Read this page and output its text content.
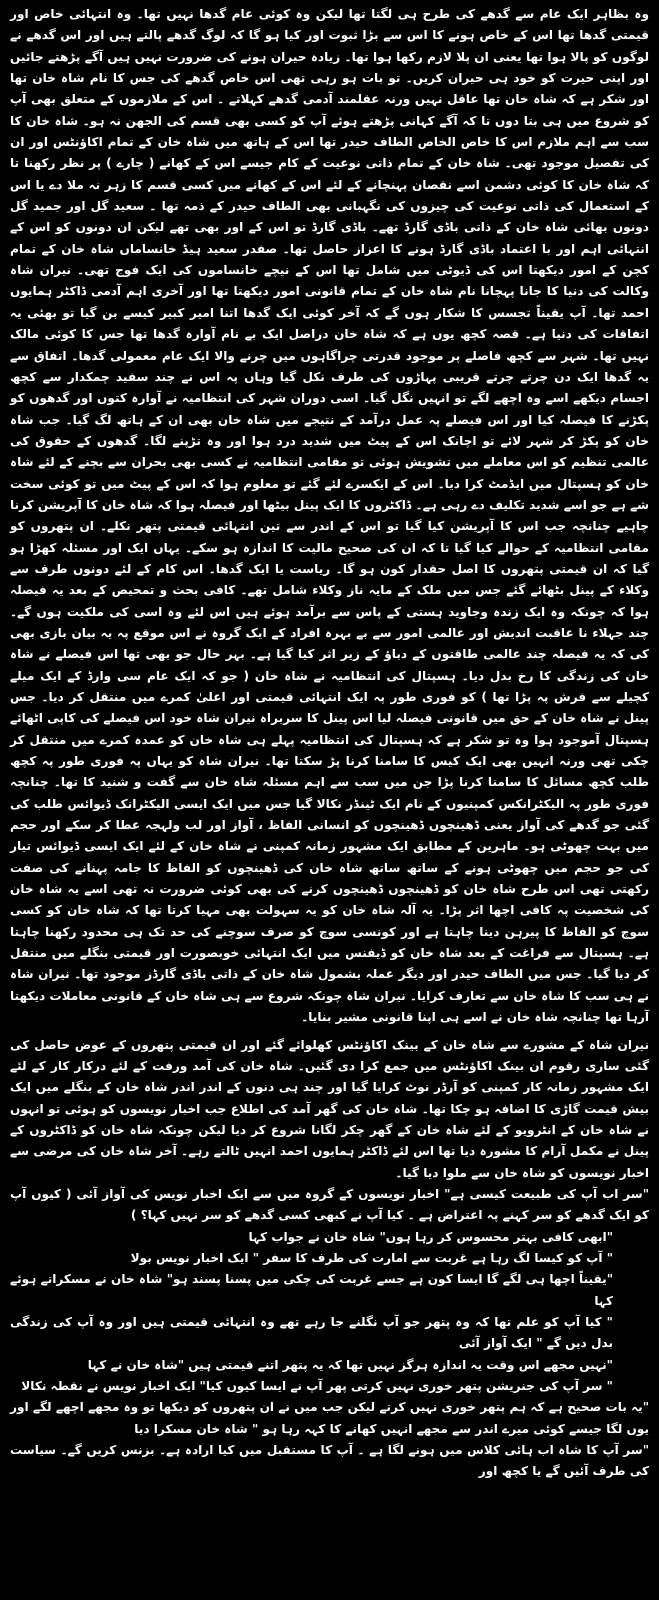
وہ بظاہر ایک عام سے گدھے کی طرح ہی لگتا تھا لیکن وہ کوئی عام گدھا نہیں تھا۔ وہ انتہائی خاص اور قیمتی گدھا تھا اس کے خاص ہونے کا اس سے بڑا ثبوت اور کیا ہو گا کہ لوگ گدھے پالتے ہیں اور اس گدھے نے لوگوں کو پالا ہوا تھا یعنی ان پلا لازم رکھا ہوا تھا۔ زیادہ حیران ہونے کی ضرورت نہیں ہیں آگے پڑھتے جائیں اور اپنی حیرت کو خود ہی حیران کریں۔ تو بات ہو رہی تھی اس خاص گدھے کی جس کا نام شاہ خان تھا اور شکر ہے کہ شاہ خان تھا عاقل نہیں ورنہ عقلمند آدمی گدھے کہلاتے ۔ اس کے ملازموں کے متعلق بھی آپ کو شروع میں ہی بتا دوں تا کہ آگے کہانی پڑھتے ہوئے آپ کو کسی بھی قسم کی الجھن نہ ہو۔ شاہ خان کا سب سے اہم ملازم اس کا خاص الخاص الطاف حیدر تھا اس کے ہاتھ میں شاہ خان کے تمام اکاؤنٹس اور ان کی تفصیل موجود تھی۔ شاہ خان کے تمام ذاتی نوعیت کے کام جیسے اس کے کھانے ( چارے ) پر نظر رکھنا تا کہ شاہ خان کا کوئی دشمن اسے نقصان پہنچانے کے لئے اس کے کھانے میں کسی قسم کا زہر نہ ملا دے یا اس کے استعمال کی ذاتی نوعیت کی چیزوں کی نگہبانی بھی الطاف حیدر کے ذمہ تھا ۔ سعید گل اور جمید گل دونوں بھائی شاہ خان کے ذاتی باڈی گارڈ تھے۔ باڈی گارڈ تو اس کے اور بھی تھے لیکن ان دونوں کو اس کے انتہائی اہم اور با اعتماد باڈی گارڈ ہونے کا اعزاز حاصل تھا۔ صفدر سعید ہیڈ خانساماں شاہ خان کے تمام کچن کے امور دیکھتا اس کی ڈیوٹی میں شامل تھا اس کے نیچے خانساموں کی ایک فوج تھی۔ نیران شاہ وکالت کی دنیا کا جانا پہچانا نام شاہ خان کے تمام قانونی امور دیکھتا تھا اور آخری اہم آدمی ڈاکٹر ہمایوں احمد تھا۔ آپ یقیناً تجسس کا شکار ہوں گے کہ آخر کوئی ایک گدھا اتنا امیر کبیر کیسے بن گیا تو بھئی یہ اتفاقات کی دنیا ہے۔ قصہ کچھ یوں ہے کہ شاہ خان دراصل ایک بے نام آوارہ گدھا تھا جس کا کوئی مالک نہیں تھا۔ شہر سے کچھ فاصلے پر موجود قدرتی چراگاہوں میں چرنے والا ایک عام معمولی گدھا۔ اتفاق سے یہ گدھا ایک دن چرتے چرتے قریبی پہاڑوں کی طرف نکل گیا وہاں پہ اس نے چند سفید چمکدار سے کچھ اجسام دیکھے اسے وہ اچھے لگے تو انہیں نگل گیا۔ اسی دوران شہر کی انتظامیہ نے آوارہ کتوں اور گدھوں کو پکڑنے کا فیصلہ کیا اور اس فیصلے پہ عمل درآمد کے نتیجے میں شاہ خان بھی ان کے ہاتھ لگ گیا۔ جب شاہ خان کو پکڑ کر شہر لائے تو اچانک اس کے پیٹ میں شدید درد ہوا اور وہ تڑپنے لگا۔ گدھوں کے حقوق کی عالمی تنظیم کو اس معاملے میں تشویش ہوئی تو مقامی انتظامیہ نے کسی بھی بحران سے بچنے کے لئے شاہ خان کو ہسپتال میں ایڈمٹ کرا دیا۔ اس کے ایکسرے لئے گئے تو معلوم ہوا کہ اس کے پیٹ میں تو کوئی سخت شے ہے جو اسے شدید تکلیف دے رہی ہے۔ ڈاکٹروں کا ایک پینل بیٹھا اور فیصلہ ہوا کہ شاہ خان کا آپریشن کرنا چاہیے چنانچہ جب اس کا آپریشن کیا گیا تو اس کے اندر سے تین انتہائی قیمتی پتھر نکلے۔ ان پتھروں کو مقامی انتظامیہ کے حوالے کیا گیا تا کہ ان کی صحیح مالیت کا اندازہ ہو سکے۔ یہاں ایک اور مسئلہ کھڑا ہو گیا کہ ان قیمتی پتھروں کا اصل حقدار کون ہو گا۔ ریاست یا ایک گدھا۔ اس کام کے لئے دونوں طرف سے وکلاء کے پینل بٹھائے گئے جس میں ملک کے مایہ ناز وکلاء شامل تھے۔ کافی بحث و تمحیص کے بعد یہ فیصلہ ہوا کہ چونکہ وہ ایک زندہ وجاوید ہستی کے پاس سے برآمد ہوئے ہیں اس لئے وہ اسی کی ملکیت ہوں گے۔ چند جہلاء نا عاقبت اندیش اور عالمی امور سے بے بہرہ افراد کے ایک گروہ نے اس موقع پہ یہ بیان بازی بھی کی کہ یہ فیصلہ چند عالمی طاقتوں کے دباؤ کے زیر اثر کیا گیا ہے۔ بہر حال جو بھی تھا اس فیصلے نے شاہ خان کی زندگی کا رخ بدل دیا۔ ہسپتال کی انتظامیہ نے شاہ خان ( جو کہ ایک عام سی وارڈ کے ایک میلے کچیلے سے فرش پہ پڑا تھا ) کو فوری طور پہ ایک انتہائی قیمتی اور اعلیٰ کمرے میں منتقل کر دیا۔ جس پینل نے شاہ خان کے حق میں قانونی فیصلہ لیا اس پینل کا سربراہ نیران شاہ خود اس فیصلے کی کاپی اٹھائے ہسپتال آموجود ہوا وہ تو شکر ہے کہ ہسپتال کی انتظامیہ پہلے ہی شاہ خان کو عمدہ کمرے میں منتقل کر چکی تھی ورنہ انہیں بھی ایک کیس کا سامنا کرنا پڑ سکتا تھا۔ نیران شاہ کو یہاں پہ فوری طور پہ کچھ طلب کچھ مسائل کا سامنا کرنا پڑا جن میں سب سے اہم مسئلہ شاہ خان سے گفت و شنید کا تھا۔ چنانچہ فوری طور پہ الیکٹرانکس کمپنیوں کے نام ایک ٹینڈر نکالا گیا جس میں ایک ایسی الیکٹرانک ڈیوائس طلب کی گئی جو گدھے کی آواز یعنی ڈھینچوں ڈھینچوں کو انسانی الفاظ ، آواز اور لب ولہجہ عطا کر سکے اور حجم میں بہت چھوٹی ہو۔ ماہرین کے مطابق ایک مشہور زمانہ کمپنی نے شاہ خان کے لئے ایک ایسی ڈیوائس تیار کی جو حجم میں چھوٹی ہونے کے ساتھ ساتھ شاہ خان کی ڈھینچوں کو الفاظ کا جامہ پہنانے کی صفت رکھتی تھی اس طرح شاہ خان کو ڈھینچوں ڈھینچوں کرنے کی بھی کوئی ضرورت نہ تھی اسے یہ شاہ خان کی شخصیت پہ کافی اچھا اثر پڑا۔ یہ آلہ شاہ خان کو یہ سہولت بھی مہیا کرتا تھا کہ شاہ خان کو کسی سوچ کو الفاظ کا پیرہن دینا چاہتا ہے اور کونسی سوچ کو صرف سوچنے کی حد تک ہی محدود رکھنا چاہتا ہے۔ ہسپتال سے فراغت کے بعد شاہ خان کو ڈیفنس میں ایک انتہائی خوبصورت اور قیمتی بنگلے میں منتقل کر دیا گیا۔ جس میں الطاف حیدر اور دیگر عملہ بشمول شاہ خان کے ذاتی باڈی گارڈز موجود تھا۔ نیران شاہ نے ہی سب کا شاہ خان سے تعارف کرایا۔ نیران شاہ چونکہ شروع سے ہی شاہ خان کے قانونی معاملات دیکھتا آرہا تھا چنانچہ شاہ خان نے اسے ہی اپنا قانونی مشیر بنایا۔

نیران شاہ کے مشورے سے شاہ خان کے بینک اکاؤنٹس کھلوائے گئے اور ان قیمتی پتھروں کے عوض حاصل کی گئی ساری رقوم ان بینک اکاؤنٹس میں جمع کرا دی گئیں۔ شاہ خان کی آمد ورفت کے لئے درکار کار کے لئے ایک مشہور زمانہ کار کمپنی کو آرڈر نوٹ کرایا گیا اور چند ہی دنوں کے اندر اندر شاہ خان کے بنگلے میں ایک بیش قیمت گاڑی کا اضافہ ہو چکا تھا۔ شاہ خان کی گھر آمد کی اطلاع جب اخبار نویسوں کو ہوئی تو انہوں نے شاہ خان کے انٹرویو کے لئے شاہ خان کے گھر چکر لگانا شروع کر دیا لیکن چونکہ شاہ خان کو ڈاکٹروں کے پینل نے مکمل آرام کا مشورہ دیا تھا اس لئے ڈاکٹر ہمایوں احمد انہیں ٹالتے رہے۔ آخر شاہ خان کی مرضی سے اخبار نویسوں کو شاہ خان سے ملوا دیا گیا۔

"سر اب آپ کی طبیعت کیسی ہے" اخبار نویسوں کے گروہ میں سے ایک اخبار نویس کی آواز آئی ( کیوں آپ کو ایک گدھے کو سر کہنے پہ اعتراض ہے ۔ کیا آپ نے کبھی کسی گدھے کو سر نہیں کہا؟ )

"ابھی کافی بہتر محسوس کر رہا ہوں" شاہ خان نے جواب کہا

" آپ کو کیسا لگ رہا ہے غربت سے امارت کی طرف کا سفر " ایک اخبار نویس بولا

"یقیناً اچھا ہی لگے گا ایسا کون ہے جسے غربت کی چکی میں پسنا پسند ہو" شاہ خان نے مسکراتے ہوئے کہا

" کیا آپ کو علم تھا کہ وہ پتھر جو آپ نگلنے جا رہے تھے وہ انتہائی قیمتی ہیں اور وہ آپ کی زندگی بدل دیں گے " ایک آواز آئی

"نہیں مجھے اس وقت یہ اندازہ ہرگز نہیں تھا کہ یہ پتھر اتنے قیمتی ہیں "شاہ خان نے کہا

" سر آپ کی جنریشن پتھر خوری نہیں کرتی پھر آپ نے ایسا کیوں کیا" ایک اخبار نویس نے نقطہ نکالا

"یہ بات صحیح ہے کہ ہم پتھر خوری نہیں کرتے لیکن جب میں نے ان پتھروں کو دیکھا تو وہ مجھے اچھے لگے اور یوں لگا جیسے کوئی میرے اندر سے مجھے انہیں کھانے کا کہہ رہا ہو " شاہ خان مسکرا دیا

"سر آپ کا شاہ اب ہائی کلاس میں ہونے لگا ہے ۔ آپ کا مستقبل میں کیا ارادہ ہے۔ بزنس کریں گے۔ سیاست کی طرف آئیں گے یا کچھ اور
